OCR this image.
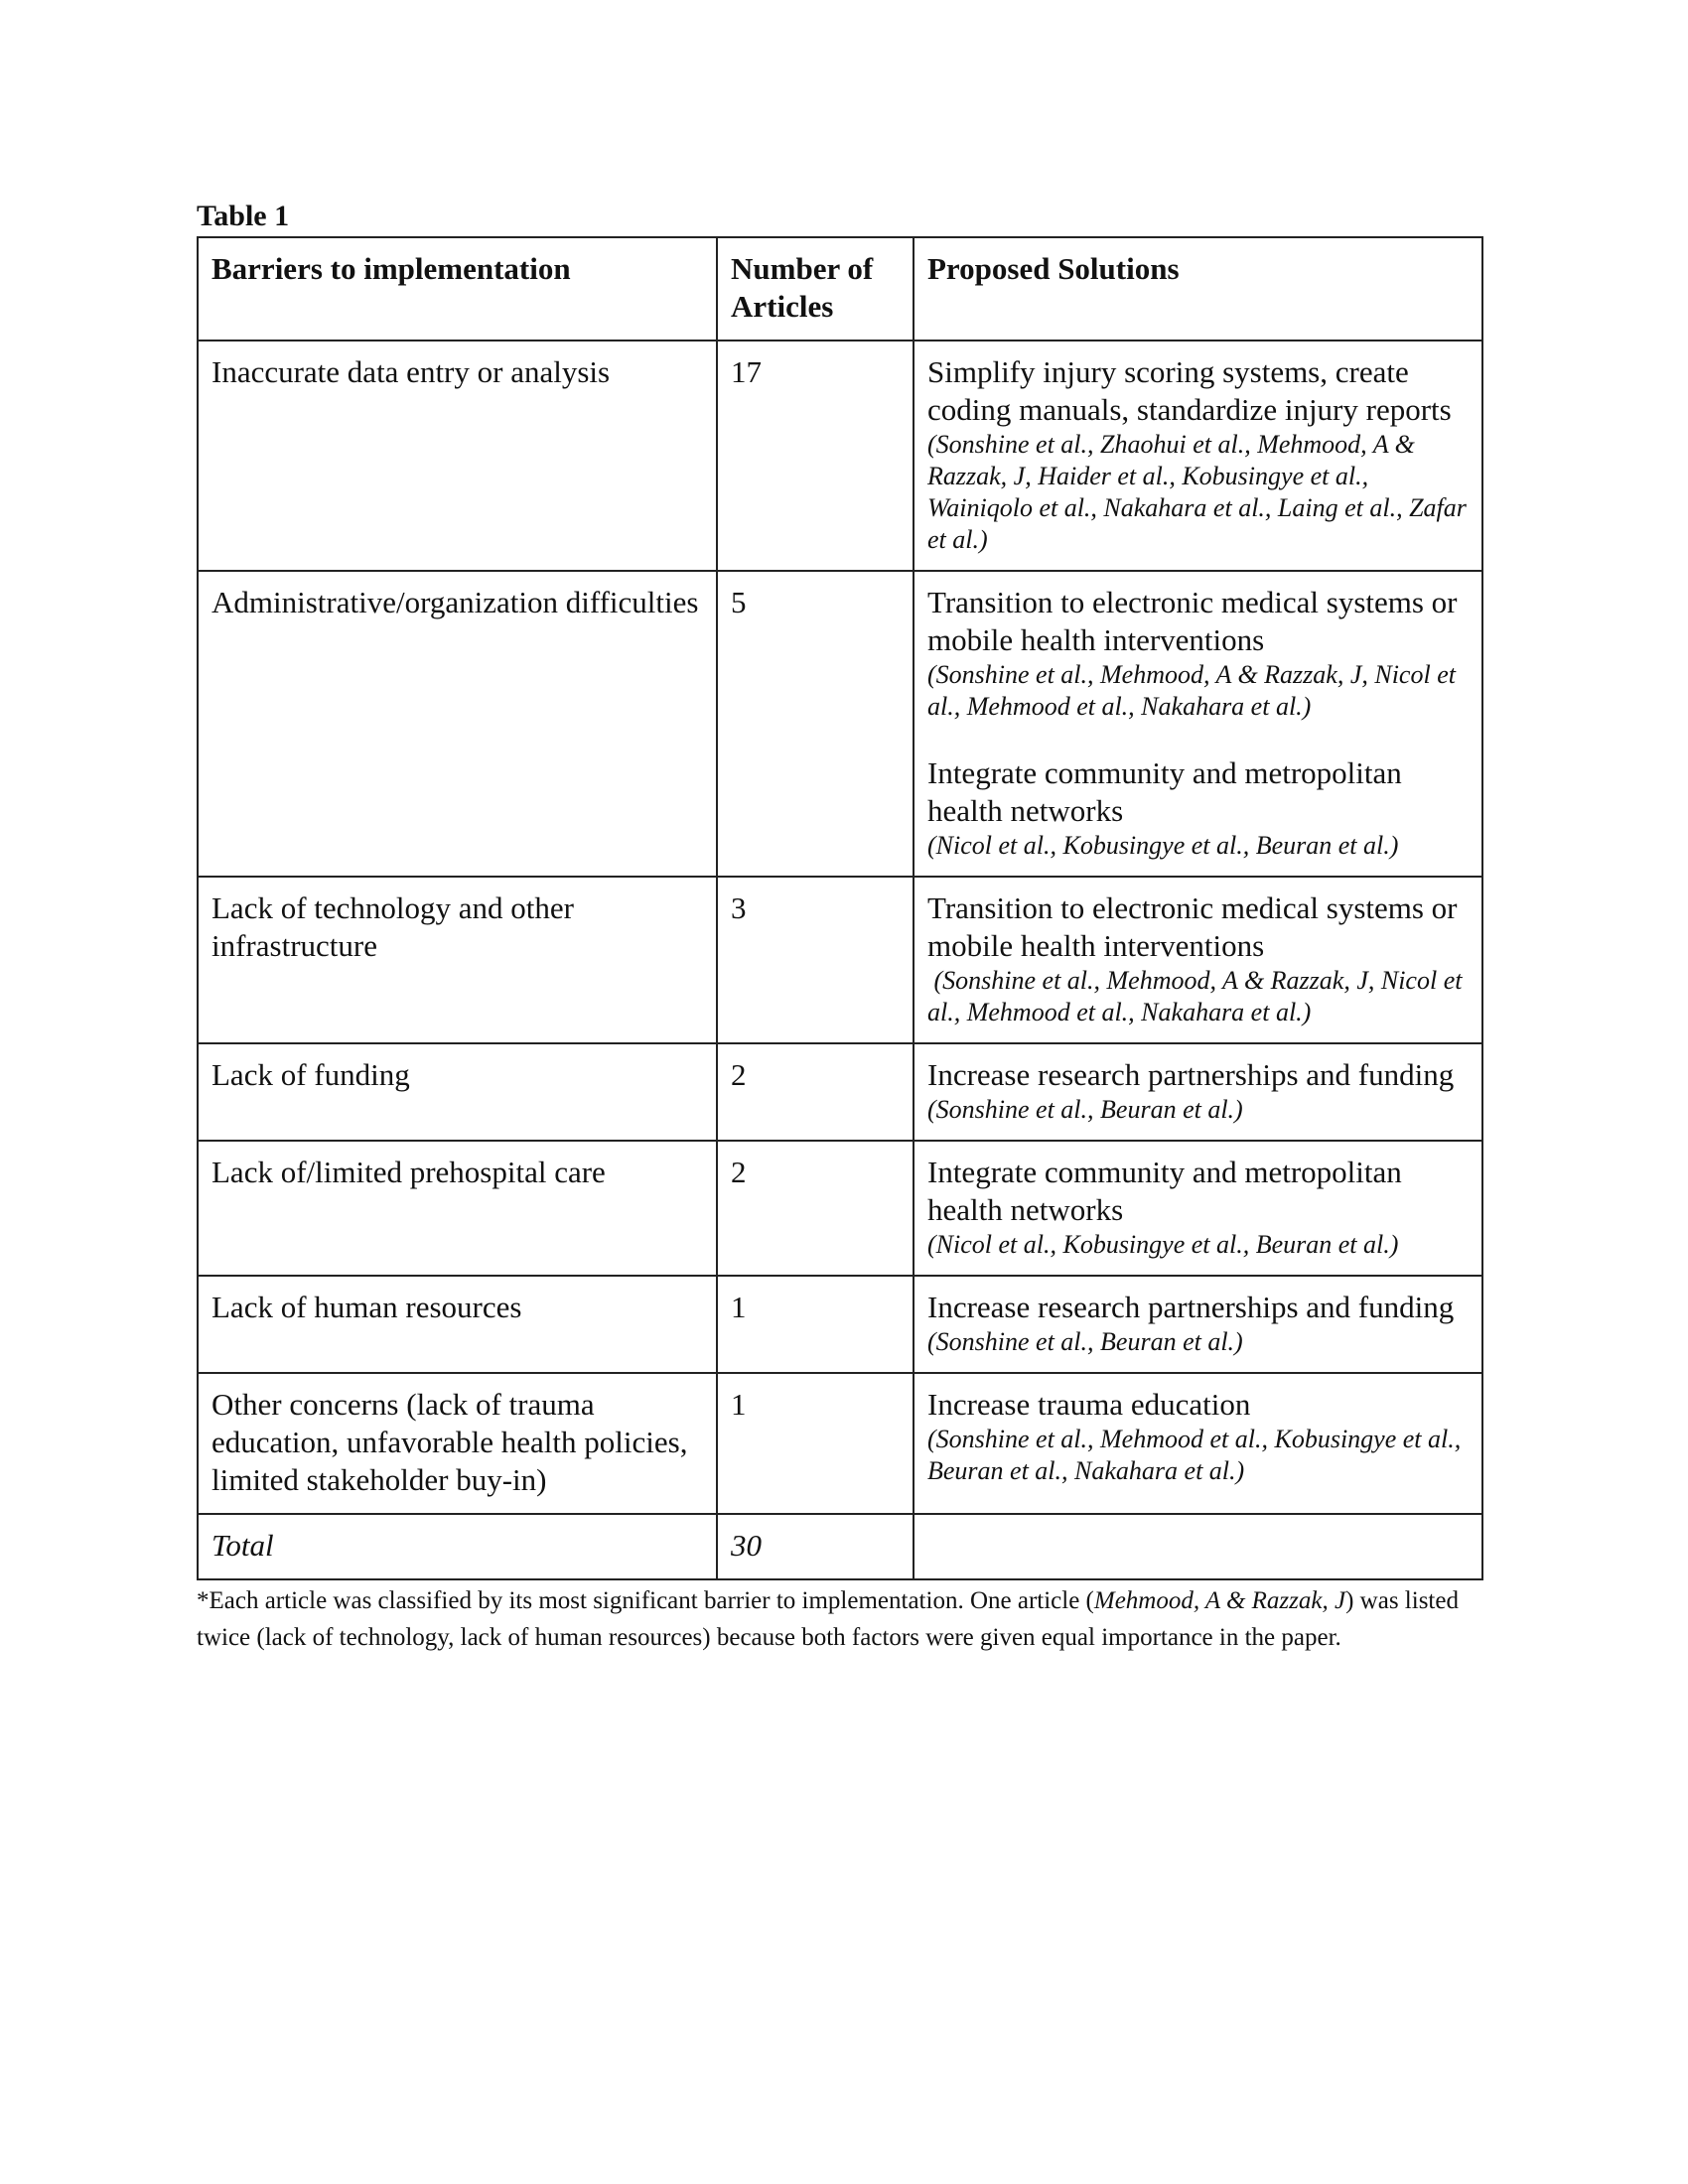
Table 1
Barriers to implementation	Number of Articles	Proposed Solutions
Inaccurate data entry or analysis	17	Simplify injury scoring systems, create coding manuals, standardize injury reports
(Sonshine et al., Zhaohui et al., Mehmood, A & Razzak, J, Haider et al., Kobusingye et al., Wainiqolo et al., Nakahara et al., Laing et al., Zafar et al.)

Administrative/organization difficulties	5	Transition to electronic medical systems or mobile health interventions
(Sonshine et al., Mehmood, A & Razzak, J, Nicol et al., Mehmood et al., Nakahara et al.)
Integrate community and metropolitan health networks
(Nicol et al., Kobusingye et al., Beuran et al.)

Lack of technology and other infrastructure	3	Transition to electronic medical systems or mobile health interventions
(Sonshine et al., Mehmood, A & Razzak, J, Nicol et al., Mehmood et al., Nakahara et al.)

Lack of funding	2	Increase research partnerships and funding
(Sonshine et al., Beuran et al.)

Lack of/limited prehospital care	2	Integrate community and metropolitan health networks
(Nicol et al., Kobusingye et al., Beuran et al.)

Lack of human resources	1	Increase research partnerships and funding
(Sonshine et al., Beuran et al.)

Other concerns (lack of trauma education, unfavorable health policies, limited stakeholder buy-in)	1	Increase trauma education
(Sonshine et al., Mehmood et al., Kobusingye et al., Beuran et al., Nakahara et al.)

Total	30	
*Each article was classified by its most significant barrier to implementation. One article (Mehmood, A & Razzak, J) was listed twice (lack of technology, lack of human resources) because both factors were given equal importance in the paper.
